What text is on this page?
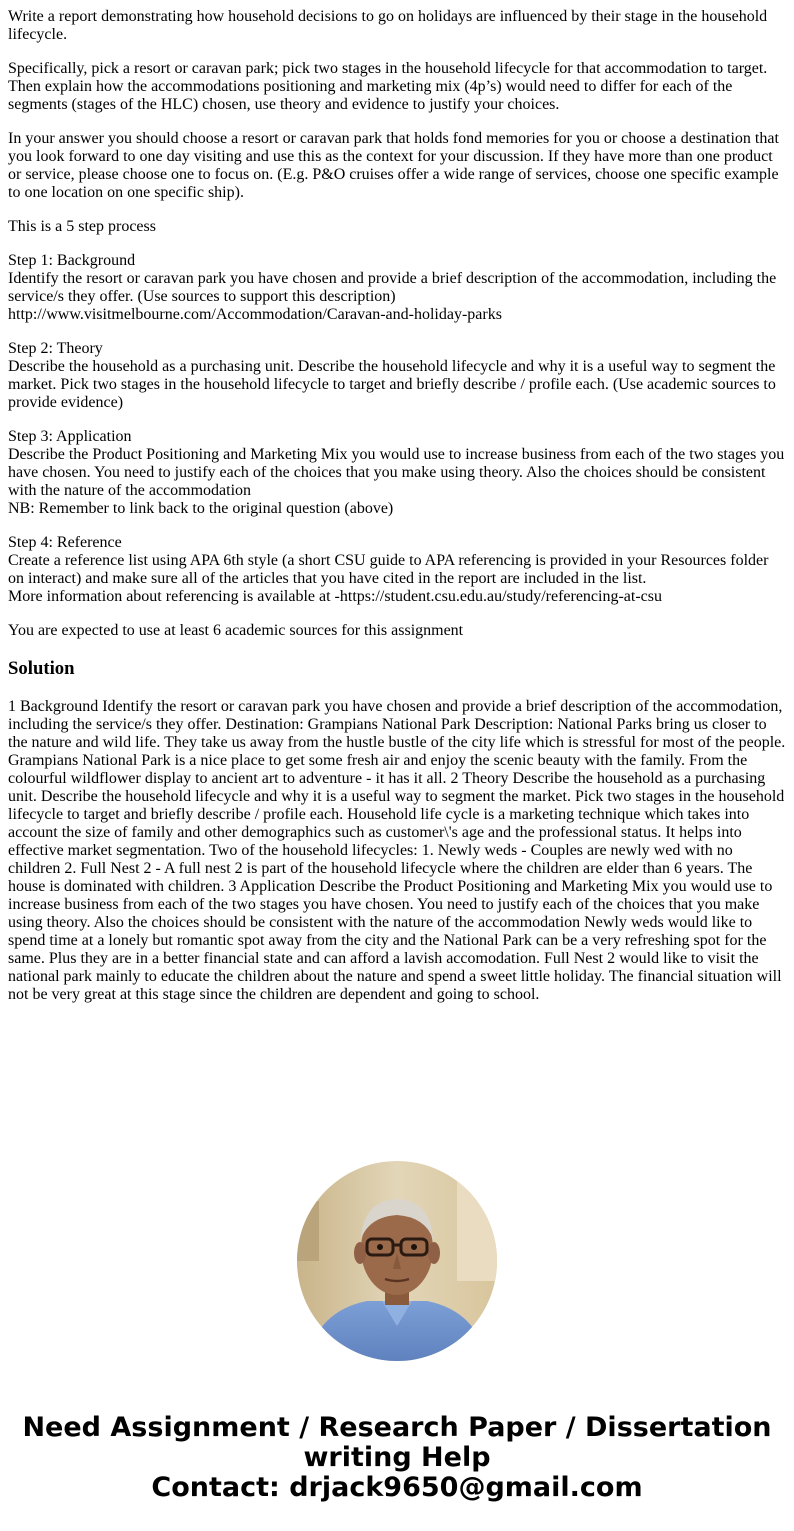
Write a report demonstrating how household decisions to go on holidays are influenced by their stage in the household lifecycle.

Specifically, pick a resort or caravan park; pick two stages in the household lifecycle for that accommodation to target. Then explain how the accommodations positioning and marketing mix (4p’s) would need to differ for each of the segments (stages of the HLC) chosen, use theory and evidence to justify your choices.

In your answer you should choose a resort or caravan park that holds fond memories for you or choose a destination that you look forward to one day visiting and use this as the context for your discussion. If they have more than one product or service, please choose one to focus on. (E.g. P&O cruises offer a wide range of services, choose one specific example to one location on one specific ship).

This is a 5 step process

Step 1: Background
Identify the resort or caravan park you have chosen and provide a brief description of the accommodation, including the service/s they offer. (Use sources to support this description)
http://www.visitmelbourne.com/Accommodation/Caravan-and-holiday-parks

Step 2: Theory
Describe the household as a purchasing unit. Describe the household lifecycle and why it is a useful way to segment the market. Pick two stages in the household lifecycle to target and briefly describe / profile each. (Use academic sources to provide evidence)

Step 3: Application
Describe the Product Positioning and Marketing Mix you would use to increase business from each of the two stages you have chosen. You need to justify each of the choices that you make using theory. Also the choices should be consistent with the nature of the accommodation
NB: Remember to link back to the original question (above)

Step 4: Reference
Create a reference list using APA 6th style (a short CSU guide to APA referencing is provided in your Resources folder on interact) and make sure all of the articles that you have cited in the report are included in the list.
More information about referencing is available at -https://student.csu.edu.au/study/referencing-at-csu

You are expected to use at least 6 academic sources for this assignment

Solution

1 Background Identify the resort or caravan park you have chosen and provide a brief description of the accommodation, including the service/s they offer. Destination: Grampians National Park Description: National Parks bring us closer to the nature and wild life. They take us away from the hustle bustle of the city life which is stressful for most of the people. Grampians National Park is a nice place to get some fresh air and enjoy the scenic beauty with the family. From the colourful wildflower display to ancient art to adventure - it has it all. 2 Theory Describe the household as a purchasing unit. Describe the household lifecycle and why it is a useful way to segment the market. Pick two stages in the household lifecycle to target and briefly describe / profile each. Household life cycle is a marketing technique which takes into account the size of family and other demographics such as customer\'s age and the professional status. It helps into effective market segmentation. Two of the household lifecycles: 1. Newly weds - Couples are newly wed with no children 2. Full Nest 2 - A full nest 2 is part of the household lifecycle where the children are elder than 6 years. The house is dominated with children. 3 Application Describe the Product Positioning and Marketing Mix you would use to increase business from each of the two stages you have chosen. You need to justify each of the choices that you make using theory. Also the choices should be consistent with the nature of the accommodation Newly weds would like to spend time at a lonely but romantic spot away from the city and the National Park can be a very refreshing spot for the same. Plus they are in a better financial state and can afford a lavish accomodation. Full Nest 2 would like to visit the national park mainly to educate the children about the nature and spend a sweet little holiday. The financial situation will not be very great at this stage since the children are dependent and going to school.

Need Assignment / Research Paper / Dissertation
writing Help
Contact: drjack9650@gmail.com
